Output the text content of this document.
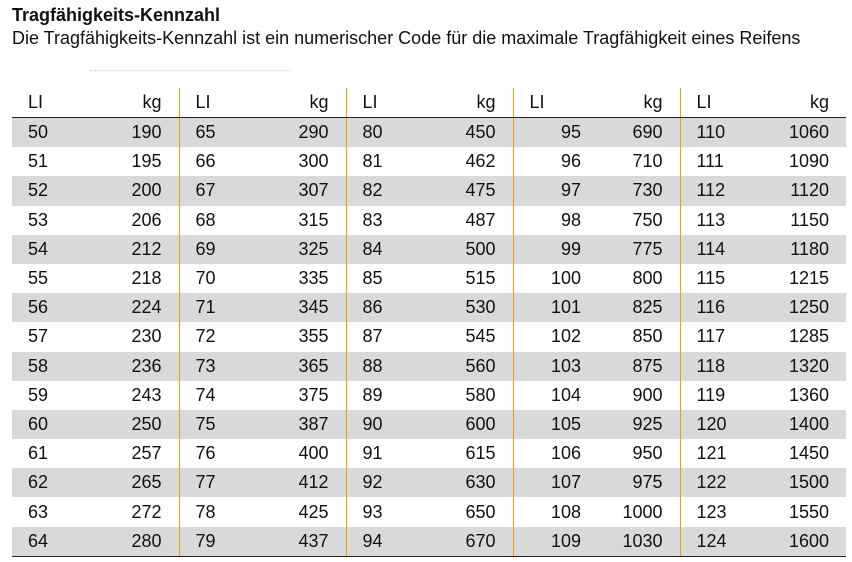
Tragfähigkeits-Kennzahl
Die Tragfähigkeits-Kennzahl ist ein numerischer Code für die maximale Tragfähigkeit eines Reifens
LI	kg	LI	kg	LI	kg	LI	kg	LI	kg
50	190	65	290	80	450	95	690	110	1060
51	195	66	300	81	462	96	710	111	1090
52	200	67	307	82	475	97	730	112	1120
53	206	68	315	83	487	98	750	113	1150
54	212	69	325	84	500	99	775	114	1180
55	218	70	335	85	515	100	800	115	1215
56	224	71	345	86	530	101	825	116	1250
57	230	72	355	87	545	102	850	117	1285
58	236	73	365	88	560	103	875	118	1320
59	243	74	375	89	580	104	900	119	1360
60	250	75	387	90	600	105	925	120	1400
61	257	76	400	91	615	106	950	121	1450
62	265	77	412	92	630	107	975	122	1500
63	272	78	425	93	650	108	1000	123	1550
64	280	79	437	94	670	109	1030	124	1600
